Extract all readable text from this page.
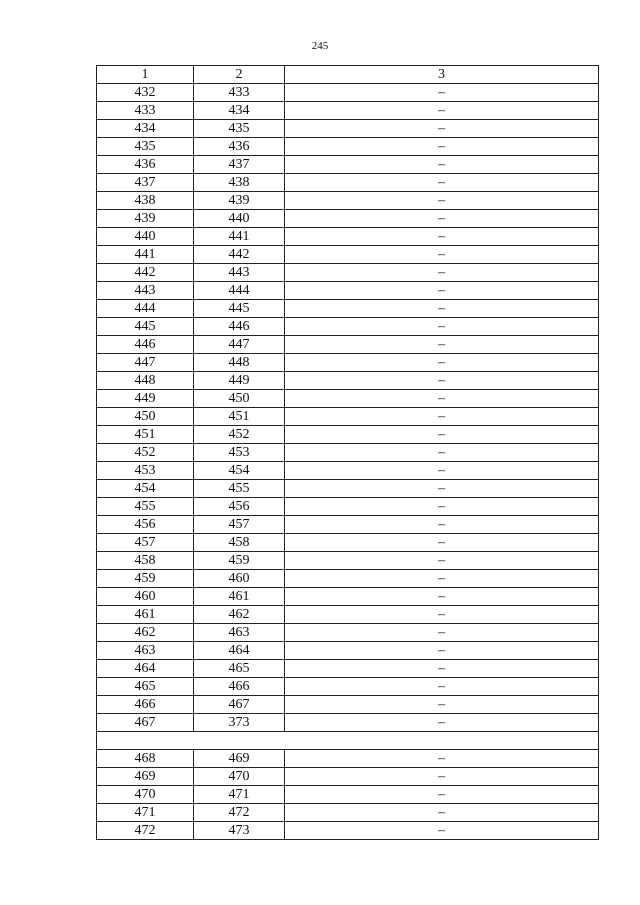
245
1	2	3
432	433	–
433	434	–
434	435	–
435	436	–
436	437	–
437	438	–
438	439	–
439	440	–
440	441	–
441	442	–
442	443	–
443	444	–
444	445	–
445	446	–
446	447	–
447	448	–
448	449	–
449	450	–
450	451	–
451	452	–
452	453	–
453	454	–
454	455	–
455	456	–
456	457	–
457	458	–
458	459	–
459	460	–
460	461	–
461	462	–
462	463	–
463	464	–
464	465	–
465	466	–
466	467	–
467	373	–

468	469	–
469	470	–
470	471	–
471	472	–
472	473	–
